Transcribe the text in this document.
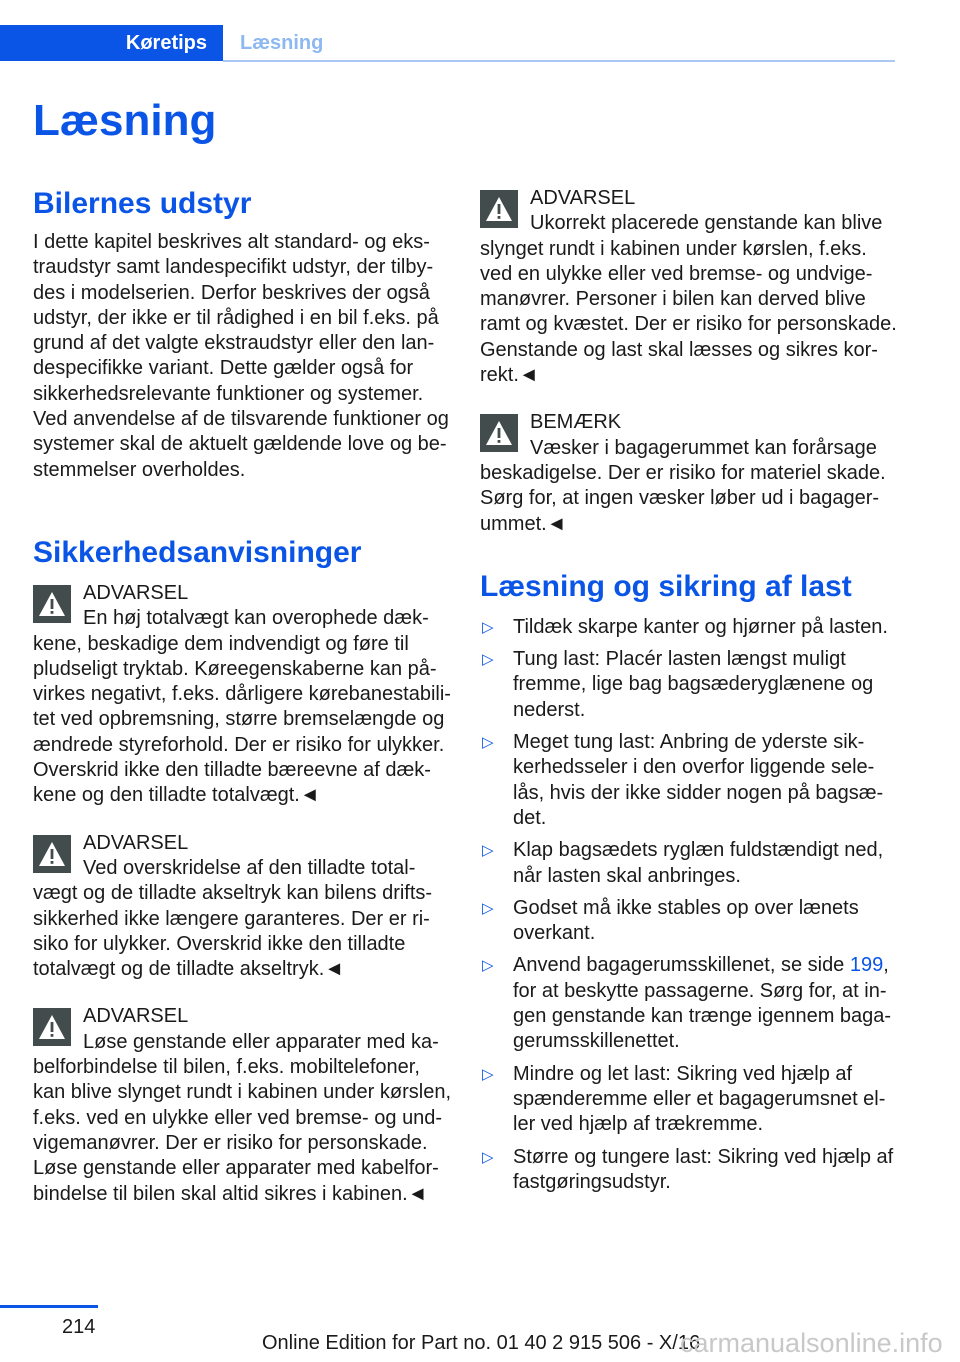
Køretips	Læsning
Læsning
Bilernes udstyr

I dette kapitel beskrives alt standard- og eks-
traudstyr samt landespecifikt udstyr, der tilby-
des i modelserien. Derfor beskrives der også
udstyr, der ikke er til rådighed i en bil f.eks. på
grund af det valgte ekstraudstyr eller den lan-
despecifikke variant. Dette gælder også for
sikkerhedsrelevante funktioner og systemer.
Ved anvendelse af de tilsvarende funktioner og
systemer skal de aktuelt gældende love og be-
stemmelser overholdes.

Sikkerhedsanvisninger
ADVARSEL

En høj totalvægt kan overophede dæk-
kene, beskadige dem indvendigt og føre til
pludseligt tryktab. Køreegenskaberne kan på-
virkes negativt, f.eks. dårligere kørebanestabili-
tet ved opbremsning, større bremselængde og
ændrede styreforhold. Der er risiko for ulykker.
Overskrid ikke den tilladte bæreevne af dæk-
kene og den tilladte totalvægt.◄

ADVARSEL

Ved overskridelse af den tilladte total-
vægt og de tilladte akseltryk kan bilens drifts-
sikkerhed ikke længere garanteres. Der er ri-
siko for ulykker. Overskrid ikke den tilladte
totalvægt og de tilladte akseltryk.◄

ADVARSEL

Løse genstande eller apparater med ka-
belforbindelse til bilen, f.eks. mobiltelefoner,
kan blive slynget rundt i kabinen under kørslen,
f.eks. ved en ulykke eller ved bremse- og und-
vigemanøvrer. Der er risiko for personskade.
Løse genstande eller apparater med kabelfor-
bindelse til bilen skal altid sikres i kabinen.◄

ADVARSEL

Ukorrekt placerede genstande kan blive
slynget rundt i kabinen under kørslen, f.eks.
ved en ulykke eller ved bremse- og undvige-
manøvrer. Personer i bilen kan derved blive
ramt og kvæstet. Der er risiko for personskade.
Genstande og last skal læsses og sikres kor-
rekt.◄

BEMÆRK

Væsker i bagagerummet kan forårsage
beskadigelse. Der er risiko for materiel skade.
Sørg for, at ingen væsker løber ud i bagager-
ummet.◄

Læsning og sikring af last
▷ Tildæk skarpe kanter og hjørner på lasten.
▷ Tung last: Placér lasten længst muligt
fremme, lige bag bagsæderyglænene og
nederst.
▷ Meget tung last: Anbring de yderste sik-
kerhedsseler i den overfor liggende sele-
lås, hvis der ikke sidder nogen på bagsæ-
det.
▷ Klap bagsædets ryglæn fuldstændigt ned,
når lasten skal anbringes.
▷ Godset må ikke stables op over lænets
overkant.
▷ Anvend bagagerumsskillenet, se side 199,
for at beskytte passagerne. Sørg for, at in-
gen genstande kan trænge igennem baga-
gerumsskillenettet.
▷ Mindre og let last: Sikring ved hjælp af
spænderemme eller et bagagerumsnet el-
ler ved hjælp af trækremme.
▷ Større og tungere last: Sikring ved hjælp af
fastgøringsudstyr.
214
Online Edition for Part no. 01 40 2 915 506 - X/16
carmanualsonline.info
